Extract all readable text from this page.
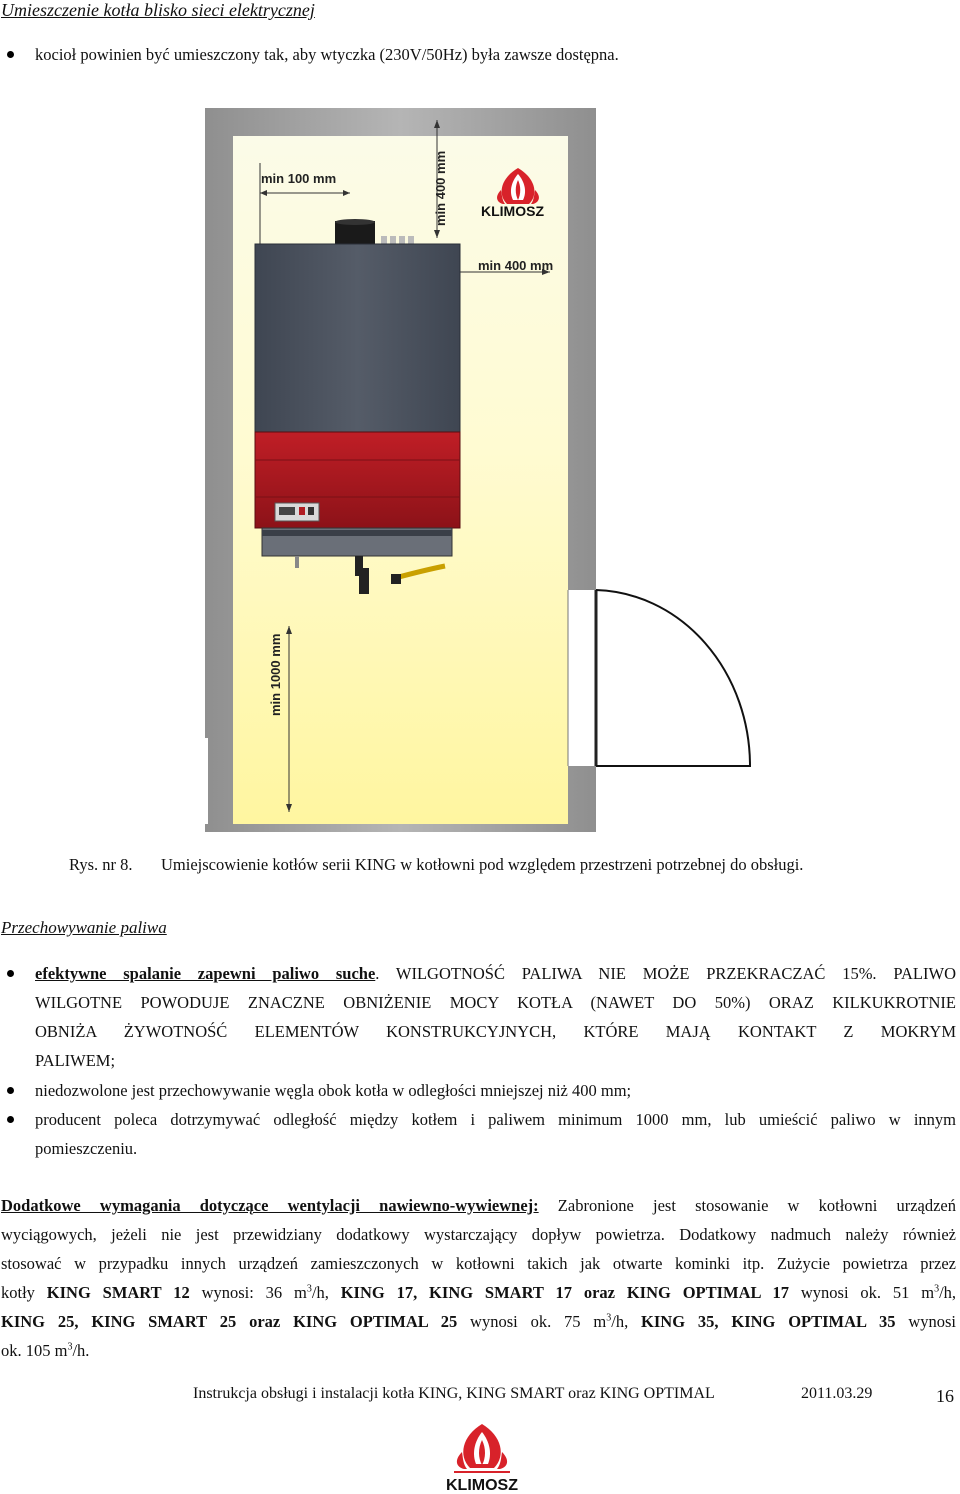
Umieszczenie kotła blisko sieci elektrycznej
kocioł powinien być umieszczony tak, aby wtyczka (230V/50Hz) była zawsze dostępna.
min 100 mm	min 400 mm
min 400 mm
min 1000 mm
KLIMOSZ
Rys. nr 8. Umiejscowienie kotłów serii KING w kotłowni pod względem przestrzeni potrzebnej do obsługi.
Przechowywanie paliwa
efektywne spalanie zapewni paliwo suche. WILGOTNOŚĆ PALIWA NIE MOŻE PRZEKRACZAĆ 15%. PALIWO
WILGOTNE POWODUJE ZNACZNE OBNIŻENIE MOCY KOTŁA (NAWET DO 50%) ORAZ KILKUKROTNIE
OBNIŻA ŻYWOTNOŚĆ ELEMENTÓW KONSTRUKCYJNYCH, KTÓRE MAJĄ KONTAKT Z MOKRYM
PALIWEM;
niedozwolone jest przechowywanie węgla obok kotła w odległości mniejszej niż 400 mm;
producent poleca dotrzymywać odległość między kotłem i paliwem minimum 1000 mm, lub umieścić paliwo w innym
pomieszczeniu.
Dodatkowe wymagania dotyczące wentylacji nawiewno-wywiewnej: Zabronione jest stosowanie w kotłowni urządzeń
wyciągowych, jeżeli nie jest przewidziany dodatkowy wystarczający dopływ powietrza. Dodatkowy nadmuch należy również
stosować w przypadku innych urządzeń zamieszczonych w kotłowni takich jak otwarte kominki itp. Zużycie powietrza przez
kotły KING SMART 12 wynosi: 36 $m^3/h$, KING 17, KING SMART 17 oraz KING OPTIMAL 17 wynosi ok. 51 $m^3/h$,
KING 25, KING SMART 25 oraz KING OPTIMAL 25 wynosi ok. 75 $m^3/h$, KING 35, KING OPTIMAL 35 wynosi
ok. 105 $m^3/h$.
Instrukcja obsługi i instalacji kotła KING, KING SMART oraz KING OPTIMAL	2011.03.29	16
KLIMOSZ
